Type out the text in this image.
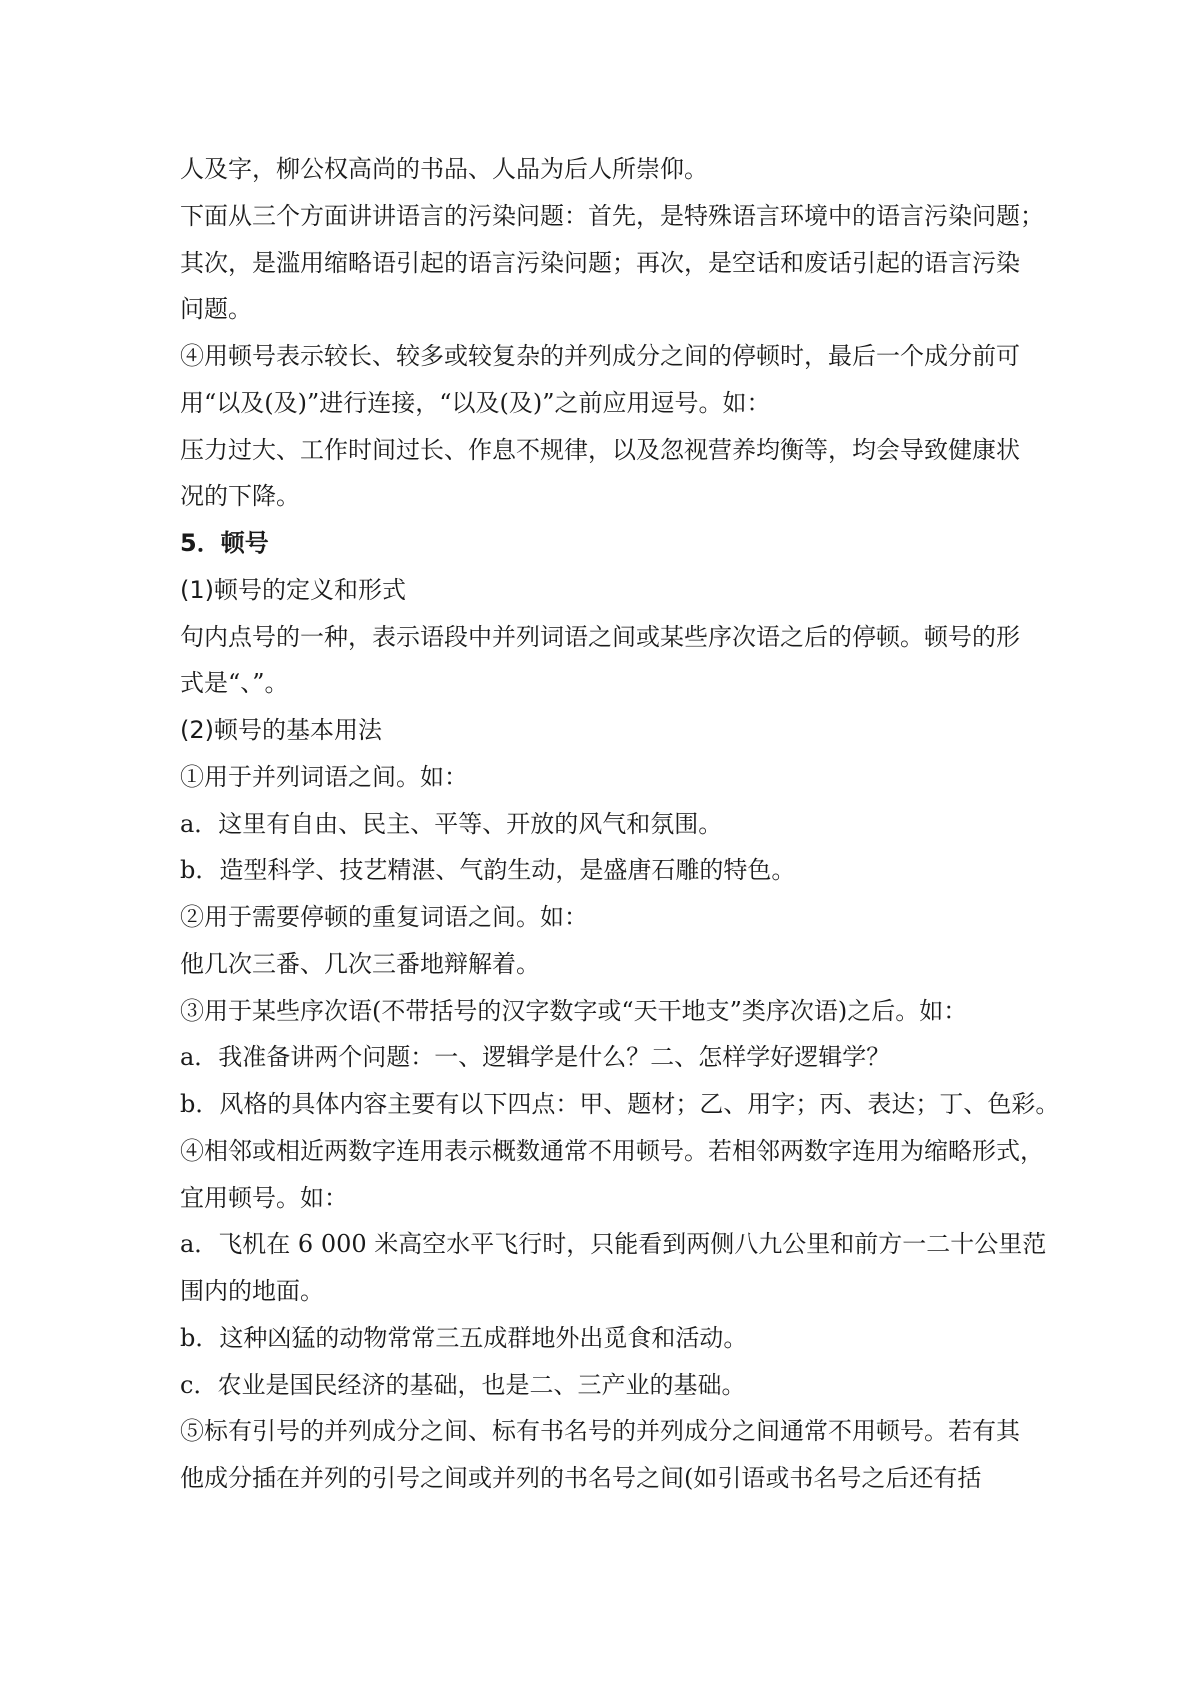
人及字，柳公权高尚的书品、人品为后人所崇仰。
下面从三个方面讲讲语言的污染问题：首先，是特殊语言环境中的语言污染问题；
其次，是滥用缩略语引起的语言污染问题；再次，是空话和废话引起的语言污染
问题。
④用顿号表示较长、较多或较复杂的并列成分之间的停顿时，最后一个成分前可
用“以及(及)”进行连接，“以及(及)”之前应用逗号。如：
压力过大、工作时间过长、作息不规律，以及忽视营养均衡等，均会导致健康状
况的下降。
5．顿号
(1)顿号的定义和形式
句内点号的一种，表示语段中并列词语之间或某些序次语之后的停顿。顿号的形
式是“、”。
(2)顿号的基本用法
①用于并列词语之间。如：
a．这里有自由、民主、平等、开放的风气和氛围。
b．造型科学、技艺精湛、气韵生动，是盛唐石雕的特色。
②用于需要停顿的重复词语之间。如：
他几次三番、几次三番地辩解着。
③用于某些序次语(不带括号的汉字数字或“天干地支”类序次语)之后。如：
a．我准备讲两个问题：一、逻辑学是什么？二、怎样学好逻辑学？
b．风格的具体内容主要有以下四点：甲、题材；乙、用字；丙、表达；丁、色彩。
④相邻或相近两数字连用表示概数通常不用顿号。若相邻两数字连用为缩略形式，
宜用顿号。如：
a．飞机在 6 000 米高空水平飞行时，只能看到两侧八九公里和前方一二十公里范
围内的地面。
b．这种凶猛的动物常常三五成群地外出觅食和活动。
c．农业是国民经济的基础，也是二、三产业的基础。
⑤标有引号的并列成分之间、标有书名号的并列成分之间通常不用顿号。若有其
他成分插在并列的引号之间或并列的书名号之间(如引语或书名号之后还有括
